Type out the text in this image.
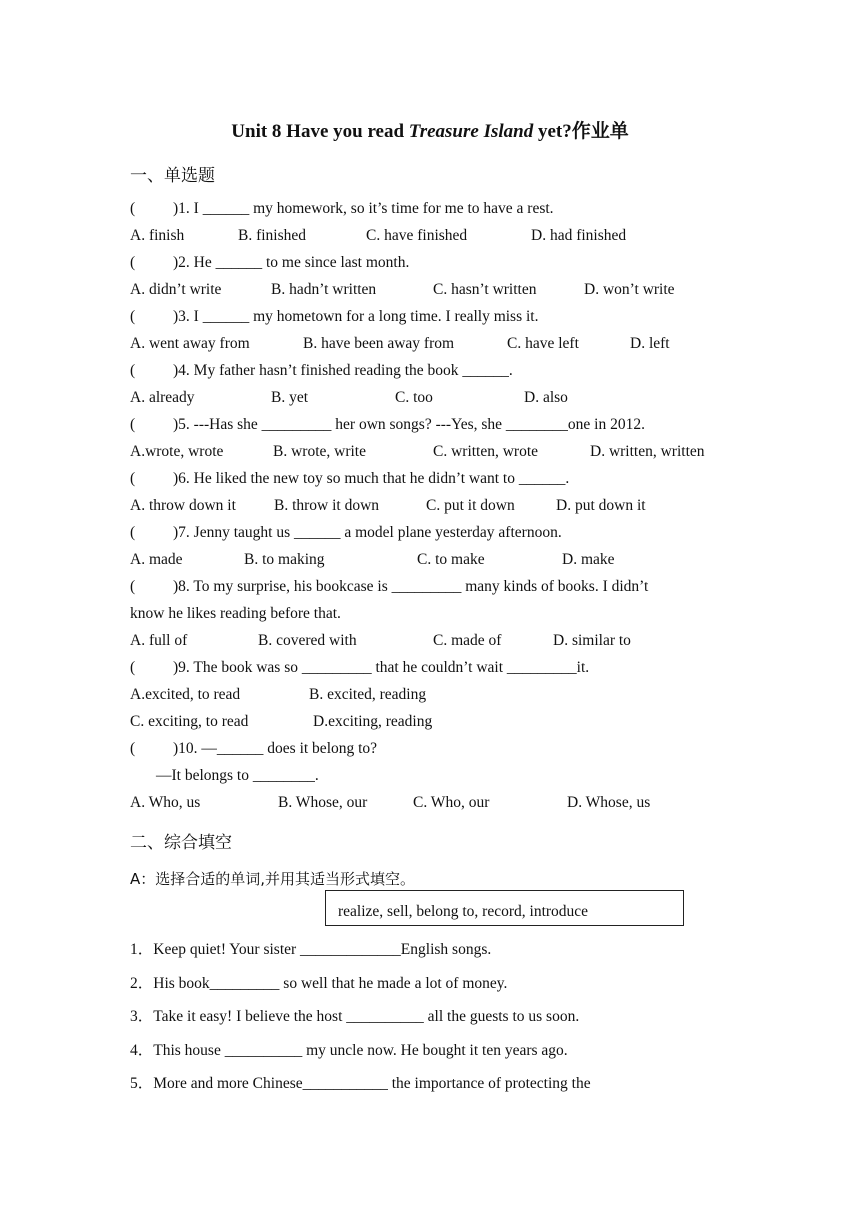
Unit 8 Have you read Treasure Island yet?作业单
一、单选题
( )1. I ______ my homework, so it’s time for me to have a rest.
A. finish	B. finished	C. have finished	D. had finished
( )2. He ______ to me since last month.
A. didn’t write	B. hadn’t written	C. hasn’t written	D. won’t write
( )3. I ______ my hometown for a long time. I really miss it.
A. went away from	B. have been away from	C. have left	D. left
( )4. My father hasn’t finished reading the book ______.
A. already	B. yet	C. too	D. also
( )5. ---Has she _________ her own songs? ---Yes, she ________one in 2012.
A.wrote, wrote	B. wrote, write	C. written, wrote	D. written, written
( )6. He liked the new toy so much that he didn’t want to ______.
A. throw down it B. throw it down	C. put it down	D. put down it
( )7. Jenny taught us ______ a model plane yesterday afternoon.
A. made	B. to making	C. to make	D. make
( )8. To my surprise, his bookcase is _________ many kinds of books. I didn’t
know he likes reading before that.
A. full of	B. covered with	C. made of	D. similar to
( )9. The book was so _________ that he couldn’t wait _________it.
A.excited, to read	B. excited, reading
C. exciting, to read	D.exciting, reading
( )10. —______ does it belong to?
—It belongs to ________.
A. Who, us	B. Whose, our	C. Who, our	D. Whose, us
二、综合填空
A：选择合适的单词,并用其适当形式填空。
realize, sell, belong to, record, introduce
1．Keep quiet! Your sister _____________English songs.
2．His book_________ so well that he made a lot of money.
3．Take it easy! I believe the host __________ all the guests to us soon.
4．This house __________ my uncle now. He bought it ten years ago.
5．More and more Chinese___________ the importance of protecting the
